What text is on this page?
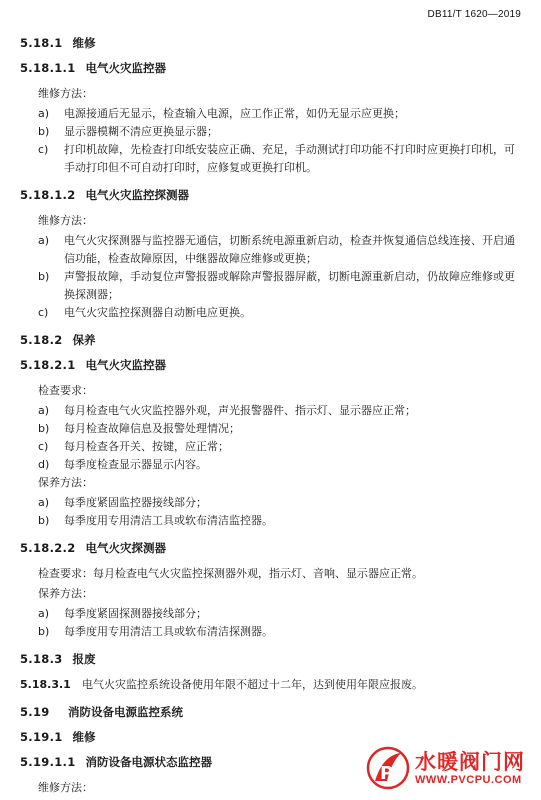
DB11/T 1620—2019
5.18.1 维修
5.18.1.1 电气火灾监控器
维修方法：
a)	电源接通后无显示，检查输入电源，应工作正常，如仍无显示应更换；
b)	显示器模糊不清应更换显示器；
c)	打印机故障，先检查打印纸安装应正确、充足，手动测试打印功能不打印时应更换打印机，可手动打印但不可自动打印时，应修复或更换打印机。
5.18.1.2 电气火灾监控探测器
维修方法：
a)	电气火灾探测器与监控器无通信，切断系统电源重新启动，检查并恢复通信总线连接、开启通信功能，检查故障原因，中继器故障应维修或更换；
b)	声警报故障，手动复位声警报器或解除声警报器屏蔽，切断电源重新启动，仍故障应维修或更换探测器；
c)	电气火灾监控探测器自动断电应更换。
5.18.2 保养
5.18.2.1 电气火灾监控器
检查要求：
a)	每月检查电气火灾监控器外观，声光报警器件、指示灯、显示器应正常；
b)	每月检查故障信息及报警处理情况；
c)	每月检查各开关、按键，应正常；
d)	每季度检查显示器显示内容。
保养方法：
a)	每季度紧固监控器接线部分；
b)	每季度用专用清洁工具或软布清洁监控器。
5.18.2.2 电气火灾探测器
检查要求：每月检查电气火灾监控探测器外观，指示灯、音响、显示器应正常。
保养方法：
a)	每季度紧固探测器接线部分；
b)	每季度用专用清洁工具或软布清洁探测器。
5.18.3 报废
5.18.3.1 电气火灾监控系统设备使用年限不超过十二年，达到使用年限应报废。
5.19	消防设备电源监控系统
5.19.1 维修
5.19.1.1 消防设备电源状态监控器
维修方法：
P 水暖阀门网
WWW.PVCPU.COM
